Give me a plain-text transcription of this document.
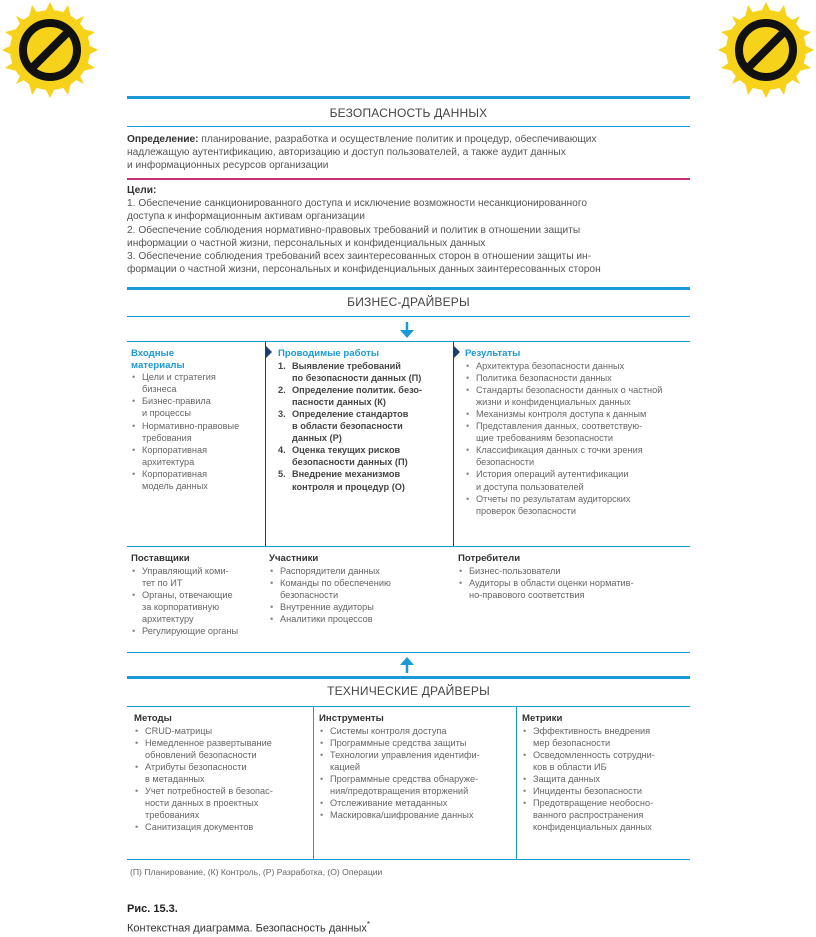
БЕЗОПАСНОСТЬ ДАННЫХ
Определение: планирование, разработка и осуществление политик и процедур, обеспечивающих
надлежащую аутентификацию, авторизацию и доступ пользователей, а также аудит данных
и информационных ресурсов организации
Цели:
1. Обеспечение санкционированного доступа и исключение возможности несанкционированного
доступа к информационным активам организации
2. Обеспечение соблюдения нормативно-правовых требований и политик в отношении защиты
информации о частной жизни, персональных и конфиденциальных данных
3. Обеспечение соблюдения требований всех заинтересованных сторон в отношении защиты ин-
формации о частной жизни, персональных и конфиденциальных данных заинтересованных сторон
БИЗНЕС-ДРАЙВЕРЫ
Входные
материалы
• Цели и стратегия
бизнеса
• Бизнес-правила
и процессы
• Нормативно-правовые
требования
• Корпоративная
архитектура
• Корпоративная
модель данных
Проводимые работы
1. Выявление требований
по безопасности данных (П)
2. Определение политик. безо-
пасности данных (К)
3. Определение стандартов
в области безопасности
данных (Р)
4. Оценка текущих рисков
безопасности данных (П)
5. Внедрение механизмов
контроля и процедур (О)
Результаты
• Архитектура безопасности данных
• Политика безопасности данных
• Стандарты безопасности данных о частной
жизни и конфиденциальных данных
• Механизмы контроля доступа к данным
• Представления данных, соответствую-
щие требованиям безопасности
• Классификация данных с точки зрения
безопасности
• История операций аутентификации
и доступа пользователей
• Отчеты по результатам аудиторских
проверок безопасности
Поставщики
• Управляющий коми-
тет по ИТ
• Органы, отвечающие
за корпоративную
архитектуру
• Регулирующие органы
Участники
• Распорядители данных
• Команды по обеспечению
безопасности
• Внутренние аудиторы
• Аналитики процессов
Потребители
• Бизнес-пользователи
• Аудиторы в области оценки норматив-
но-правового соответствия
ТЕХНИЧЕСКИЕ ДРАЙВЕРЫ
Методы
• CRUD-матрицы
• Немедленное развертывание
обновлений безопасности
• Атрибуты безопасности
в метаданных
• Учет потребностей в безопас-
ности данных в проектных
требованиях
• Санитизация документов
Инструменты
• Системы контроля доступа
• Программные средства защиты
• Технологии управления идентифи-
кацией
• Программные средства обнаруже-
ния/предотвращения вторжений
• Отслеживание метаданных
• Маскировка/шифрование данных
Метрики
• Эффективность внедрения
мер безопасности
• Осведомленность сотрудни-
ков в области ИБ
• Защита данных
• Инциденты безопасности
• Предотвращение необосно-
ванного распространения
конфиденциальных данных
(П) Планирование, (К) Контроль, (Р) Разработка, (О) Операции
Рис. 15.3.
Контекстная диаграмма. Безопасность данных*
